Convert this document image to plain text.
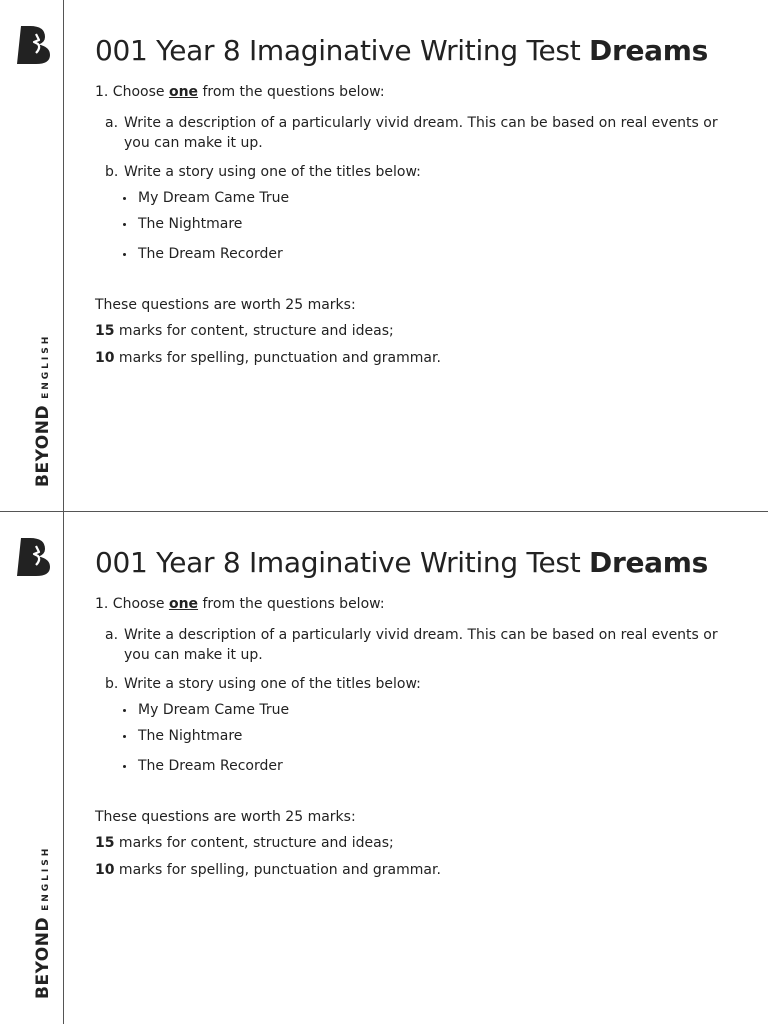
BEYOND
ENGLISH
001 Year 8 Imaginative Writing Test Dreams
1. Choose one from the questions below:
a. Write a description of a particularly vivid dream. This can be based on real events or you can make it up.
b. Write a story using one of the titles below:
My Dream Came True
The Nightmare
The Dream Recorder
These questions are worth 25 marks:
15 marks for content, structure and ideas;
10 marks for spelling, punctuation and grammar.
BEYOND
ENGLISH
001 Year 8 Imaginative Writing Test Dreams
1. Choose one from the questions below:
a. Write a description of a particularly vivid dream. This can be based on real events or you can make it up.
b. Write a story using one of the titles below:
My Dream Came True
The Nightmare
The Dream Recorder
These questions are worth 25 marks:
15 marks for content, structure and ideas;
10 marks for spelling, punctuation and grammar.
